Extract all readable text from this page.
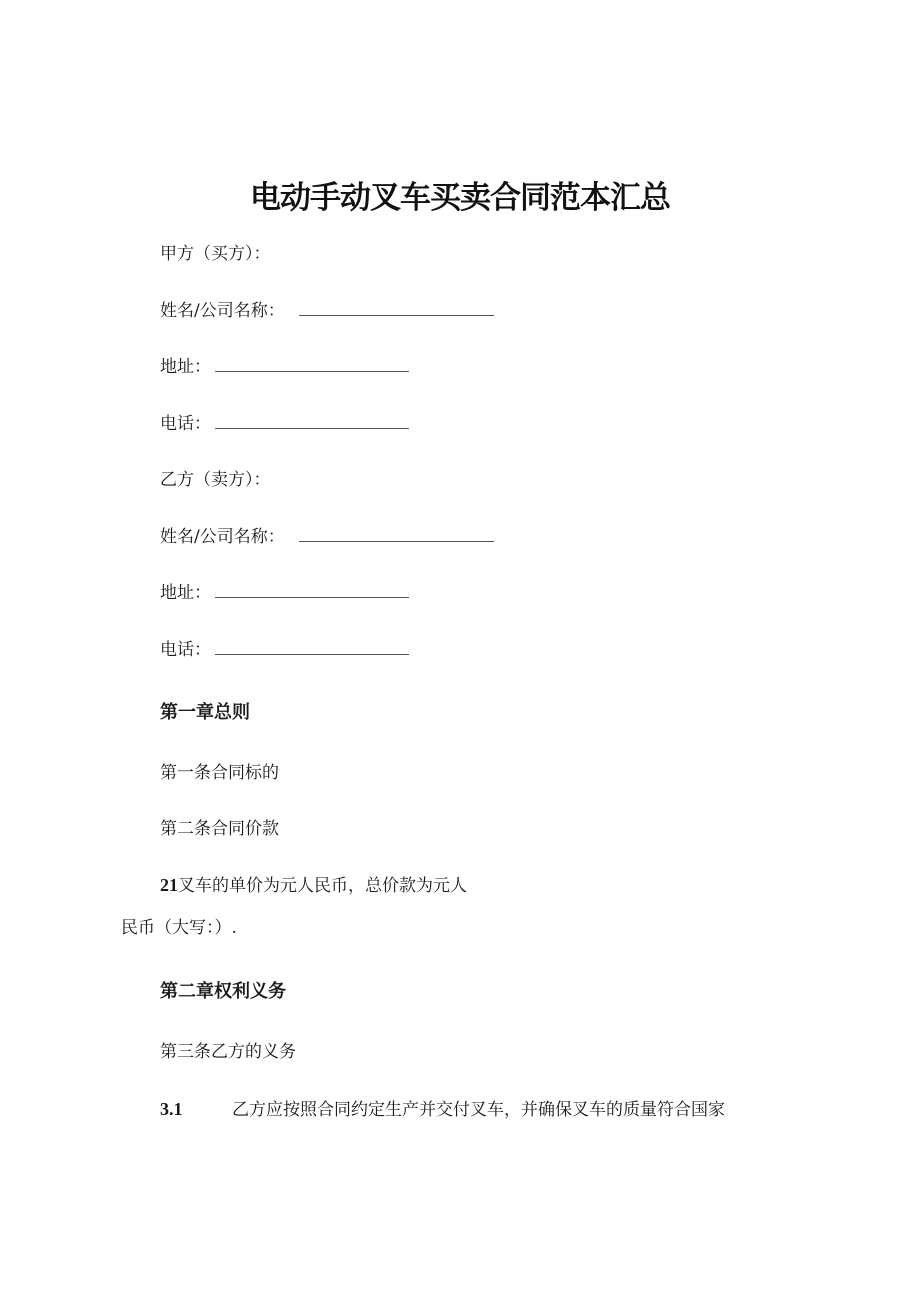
电动手动叉车买卖合同范本汇总
甲方（买方）：
姓名/公司名称：
地址：
电话：
乙方（卖方）：
姓名/公司名称：
地址：
电话：
第一章总则
第一条合同标的
第二条合同价款
21叉车的单价为元人民币，总价款为元人
民币（大写：）.
第二章权利义务
第三条乙方的义务
3.1	乙方应按照合同约定生产并交付叉车，并确保叉车的质量符合国家
